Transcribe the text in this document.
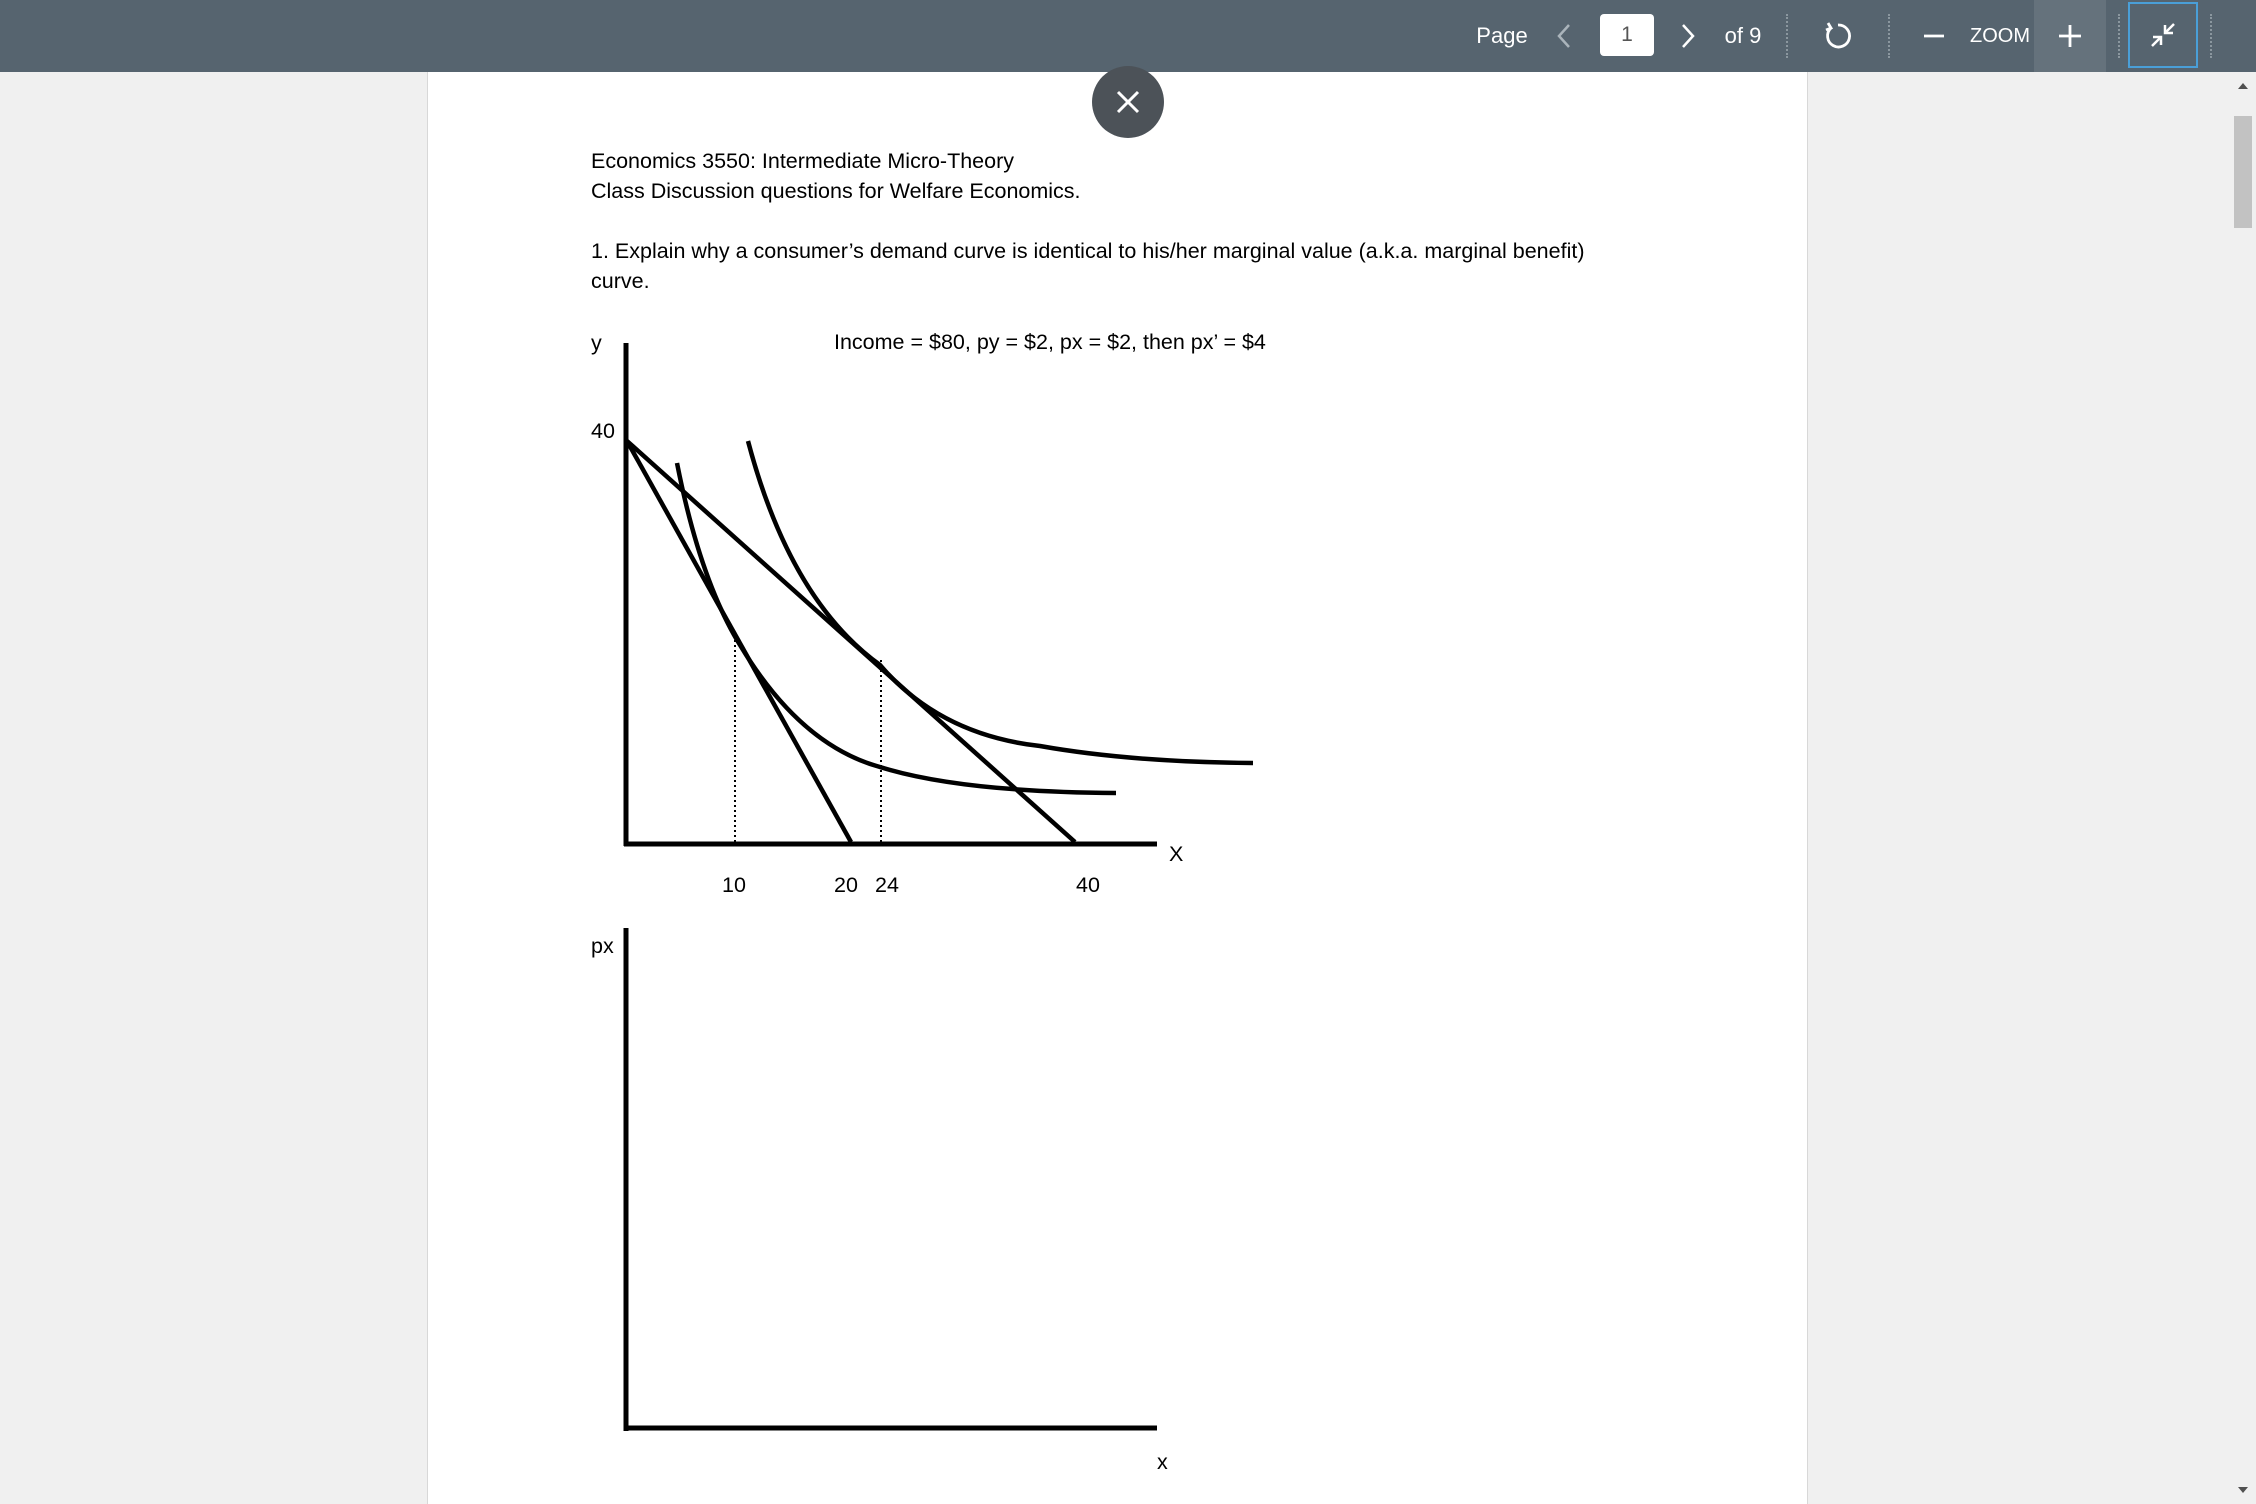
Page
1	of 9	ZOOM
Economics 3550: Intermediate Micro-Theory
Class Discussion questions for Welfare Economics.
1. Explain why a consumer’s demand curve is identical to his/her marginal value (a.k.a. marginal benefit)
curve.
y	Income = $80, py = $2, px = $2, then px’ = $4
40
X
10	20 24	40
px
x
